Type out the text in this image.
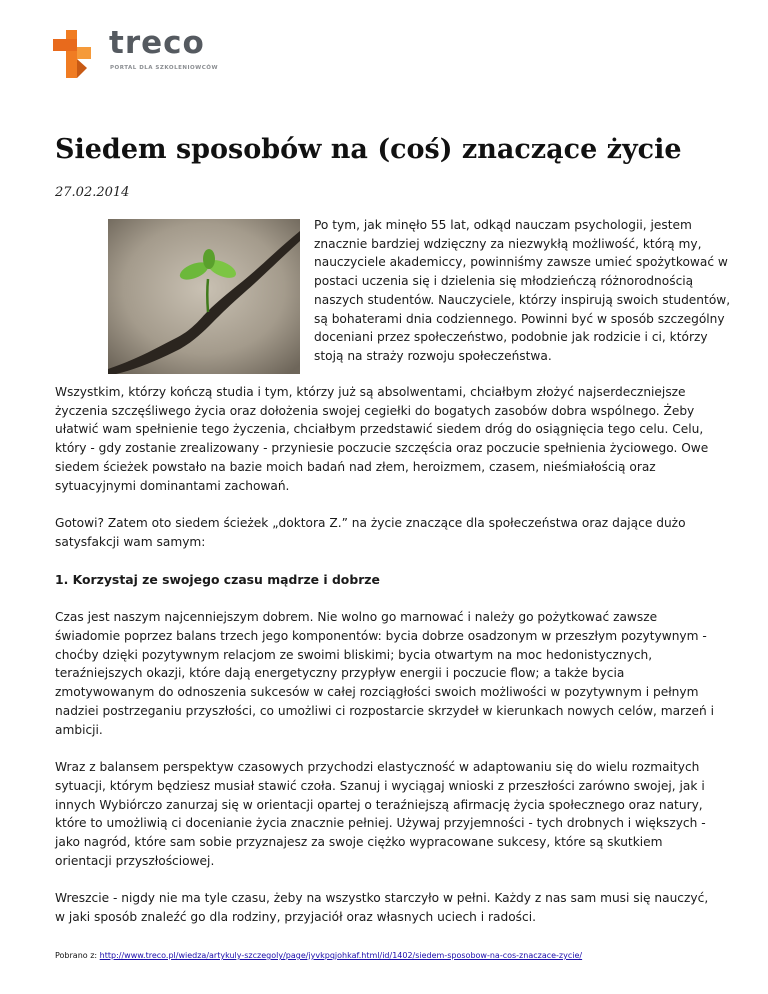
treco
PORTAL DLA SZKOLENIOWCÓW
Siedem sposobów na (coś) znaczące życie
27.02.2014

Po tym, jak minęło 55 lat, odkąd nauczam psychologii, jestem znacznie bardziej wdzięczny za niezwykłą możliwość, którą my, nauczyciele akademiccy, powinniśmy zawsze umieć spożytkować w postaci uczenia się i dzielenia się młodzieńczą różnorodnością naszych studentów. Nauczyciele, którzy inspirują swoich studentów, są bohaterami dnia codziennego. Powinni być w sposób szczególny doceniani przez społeczeństwo, podobnie jak rodzicie i ci, którzy stoją na straży rozwoju społeczeństwa.

Wszystkim, którzy kończą studia i tym, którzy już są absolwentami, chciałbym złożyć najserdeczniejsze życzenia szczęśliwego życia oraz dołożenia swojej cegiełki do bogatych zasobów dobra wspólnego. Żeby ułatwić wam spełnienie tego życzenia, chciałbym przedstawić siedem dróg do osiągnięcia tego celu. Celu, który - gdy zostanie zrealizowany - przyniesie poczucie szczęścia oraz poczucie spełnienia życiowego. Owe siedem ścieżek powstało na bazie moich badań nad złem, heroizmem, czasem, nieśmiałością oraz sytuacyjnymi dominantami zachowań.

Gotowi? Zatem oto siedem ścieżek „doktora Z.” na życie znaczące dla społeczeństwa oraz dające dużo satysfakcji wam samym:

1. Korzystaj ze swojego czasu mądrze i dobrze

Czas jest naszym najcenniejszym dobrem. Nie wolno go marnować i należy go pożytkować zawsze świadomie poprzez balans trzech jego komponentów: bycia dobrze osadzonym w przeszłym pozytywnym - choćby dzięki pozytywnym relacjom ze swoimi bliskimi; bycia otwartym na moc hedonistycznych, teraźniejszych okazji, które dają energetyczny przypływ energii i poczucie flow; a także bycia zmotywowanym do odnoszenia sukcesów w całej rozciągłości swoich możliwości w pozytywnym i pełnym nadziei postrzeganiu przyszłości, co umożliwi ci rozpostarcie skrzydeł w kierunkach nowych celów, marzeń i ambicji.

Wraz z balansem perspektyw czasowych przychodzi elastyczność w adaptowaniu się do wielu rozmaitych sytuacji, którym będziesz musiał stawić czoła. Szanuj i wyciągaj wnioski z przeszłości zarówno swojej, jak i innych Wybiórczo zanurzaj się w orientacji opartej o teraźniejszą afirmację życia społecznego oraz natury, które to umożliwią ci docenianie życia znacznie pełniej. Używaj przyjemności - tych drobnych i większych - jako nagród, które sam sobie przyznajesz za swoje ciężko wypracowane sukcesy, które są skutkiem orientacji przyszłościowej.

Wreszcie - nigdy nie ma tyle czasu, żeby na wszystko starczyło w pełni. Każdy z nas sam musi się nauczyć, w jaki sposób znaleźć go dla rodziny, przyjaciół oraz własnych uciech i radości.

Pobrano z: http://www.treco.pl/wiedza/artykuly-szczegoly/page/jyvkpqjohkaf.html/id/1402/siedem-sposobow-na-cos-znaczace-zycie/
